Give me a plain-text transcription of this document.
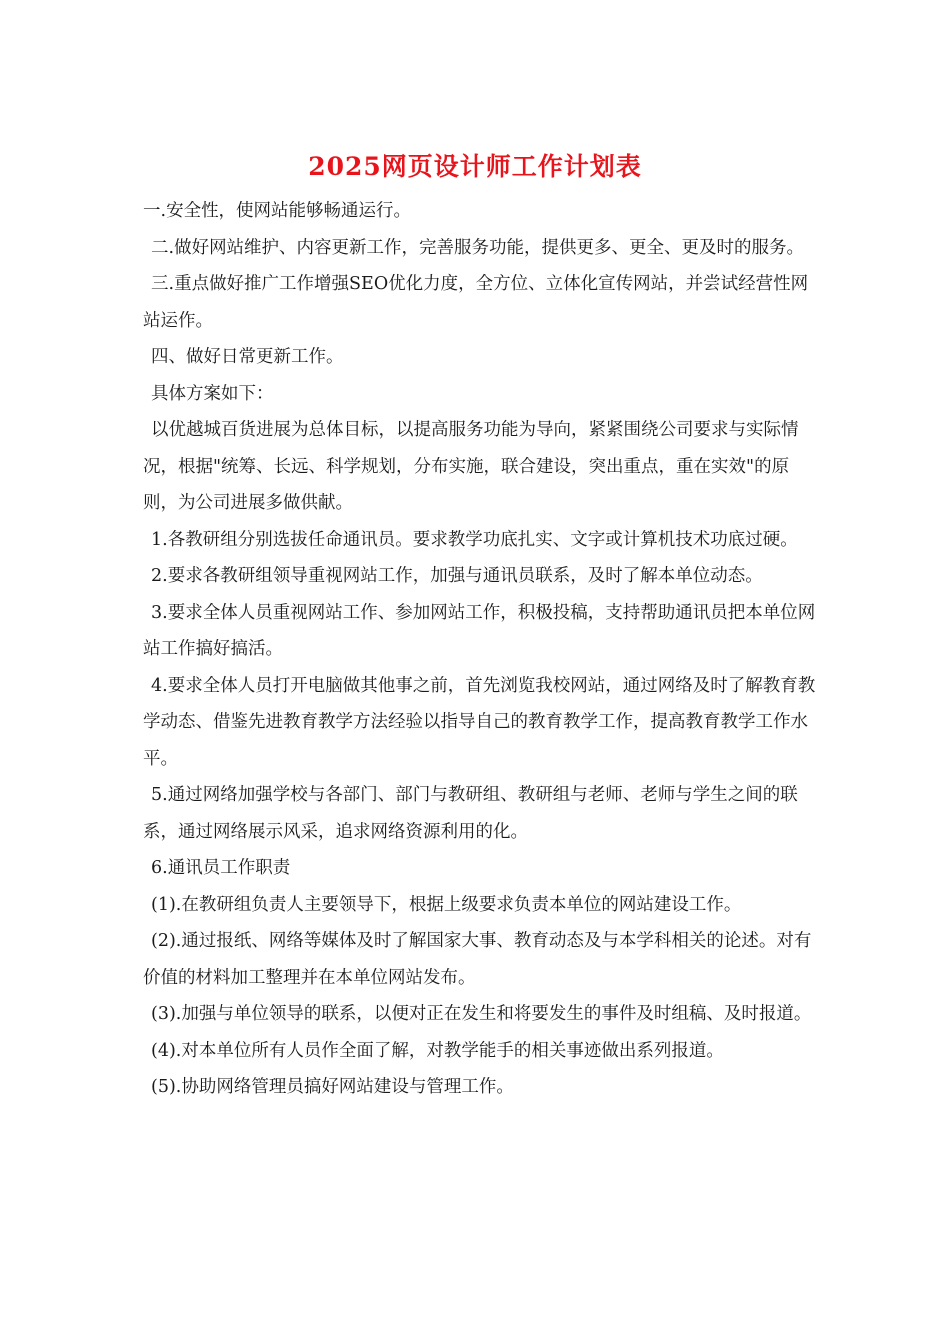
2025网页设计师工作计划表

一.安全性，使网站能够畅通运行。

二.做好网站维护、内容更新工作，完善服务功能，提供更多、更全、更及时的服务。

三.重点做好推广工作增强SEO优化力度，全方位、立体化宣传网站，并尝试经营性网站运作。

四、做好日常更新工作。

具体方案如下：

以优越城百货进展为总体目标，以提高服务功能为导向，紧紧围绕公司要求与实际情况，根据"统筹、长远、科学规划，分布实施，联合建设，突出重点，重在实效"的原则，为公司进展多做供献。

1.各教研组分别选拔任命通讯员。要求教学功底扎实、文字或计算机技术功底过硬。

2.要求各教研组领导重视网站工作，加强与通讯员联系，及时了解本单位动态。

3.要求全体人员重视网站工作、参加网站工作，积极投稿，支持帮助通讯员把本单位网站工作搞好搞活。

4.要求全体人员打开电脑做其他事之前，首先浏览我校网站，通过网络及时了解教育教学动态、借鉴先进教育教学方法经验以指导自己的教育教学工作，提高教育教学工作水平。

5.通过网络加强学校与各部门、部门与教研组、教研组与老师、老师与学生之间的联系，通过网络展示风采，追求网络资源利用的化。

6.通讯员工作职责

(1).在教研组负责人主要领导下，根据上级要求负责本单位的网站建设工作。

(2).通过报纸、网络等媒体及时了解国家大事、教育动态及与本学科相关的论述。对有价值的材料加工整理并在本单位网站发布。

(3).加强与单位领导的联系，以便对正在发生和将要发生的事件及时组稿、及时报道。

(4).对本单位所有人员作全面了解，对教学能手的相关事迹做出系列报道。

(5).协助网络管理员搞好网站建设与管理工作。
